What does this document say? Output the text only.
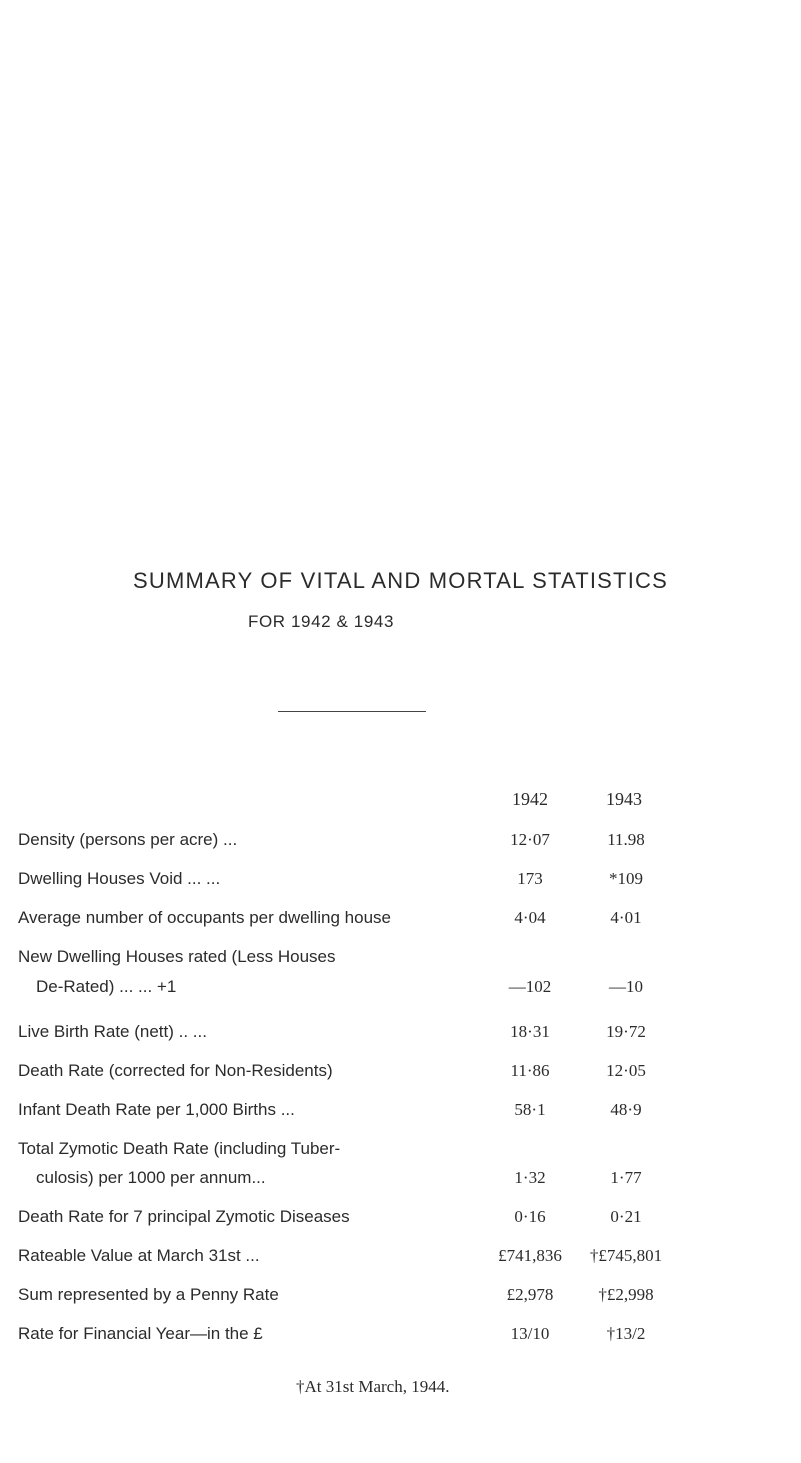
SUMMARY OF VITAL AND MORTAL STATISTICS
FOR 1942 & 1943
1942	1943
Density (persons per acre) ...	12·07	11.98
Dwelling Houses Void ... ...	173	*109
Average number of occupants per dwelling house	4·04	4·01
New Dwelling Houses rated (Less Houses
De-Rated) ... ... +1	—102	—10
Live Birth Rate (nett) .. ...	18·31	19·72
Death Rate (corrected for Non-Residents)	11·86	12·05
Infant Death Rate per 1,000 Births ...	58·1	48·9
Total Zymotic Death Rate (including Tuber-
culosis) per 1000 per annum...	1·32	1·77
Death Rate for 7 principal Zymotic Diseases	0·16	0·21
Rateable Value at March 31st ...	£741,836	†£745,801
Sum represented by a Penny Rate	£2,978	†£2,998
Rate for Financial Year—in the £	13/10	†13/2
†At 31st March, 1944.
